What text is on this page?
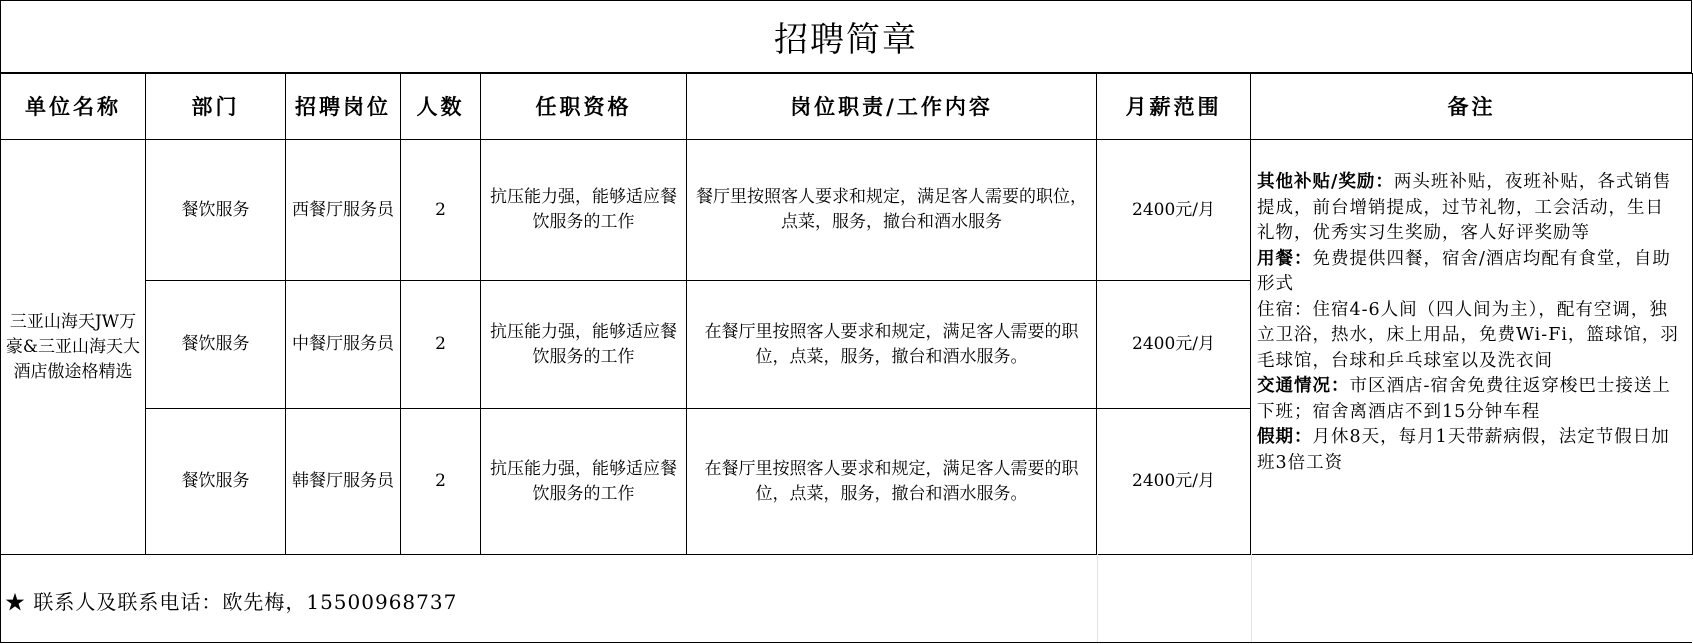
招聘简章
单位名称	部门	招聘岗位	人数	任职资格	岗位职责/工作内容	月薪范围	备注
三亚山海天JW万豪&三亚山海天大酒店傲途格精选	餐饮服务	西餐厅服务员	2	抗压能力强，能够适应餐饮服务的工作	餐厅里按照客人要求和规定，满足客人需要的职位，点菜，服务，撤台和酒水服务	2400元/月	其他补贴/奖励：两头班补贴，夜班补贴，各式销售提成，前台增销提成，过节礼物，工会活动，生日礼物，优秀实习生奖励，客人好评奖励等
用餐：免费提供四餐，宿舍/酒店均配有食堂，自助形式
住宿：住宿4-6人间（四人间为主），配有空调，独立卫浴，热水，床上用品，免费Wi-Fi，篮球馆，羽毛球馆，台球和乒乓球室以及洗衣间
交通情况：市区酒店-宿舍免费往返穿梭巴士接送上下班；宿舍离酒店不到15分钟车程
假期：月休8天，每月1天带薪病假，法定节假日加班3倍工资

	餐饮服务	中餐厅服务员	2	抗压能力强，能够适应餐饮服务的工作	在餐厅里按照客人要求和规定，满足客人需要的职位，点菜，服务，撤台和酒水服务。	2400元/月	
	餐饮服务	韩餐厅服务员	2	抗压能力强，能够适应餐饮服务的工作	在餐厅里按照客人要求和规定，满足客人需要的职位，点菜，服务，撤台和酒水服务。	2400元/月	
★ 联系人及联系电话：欧先梅，15500968737
